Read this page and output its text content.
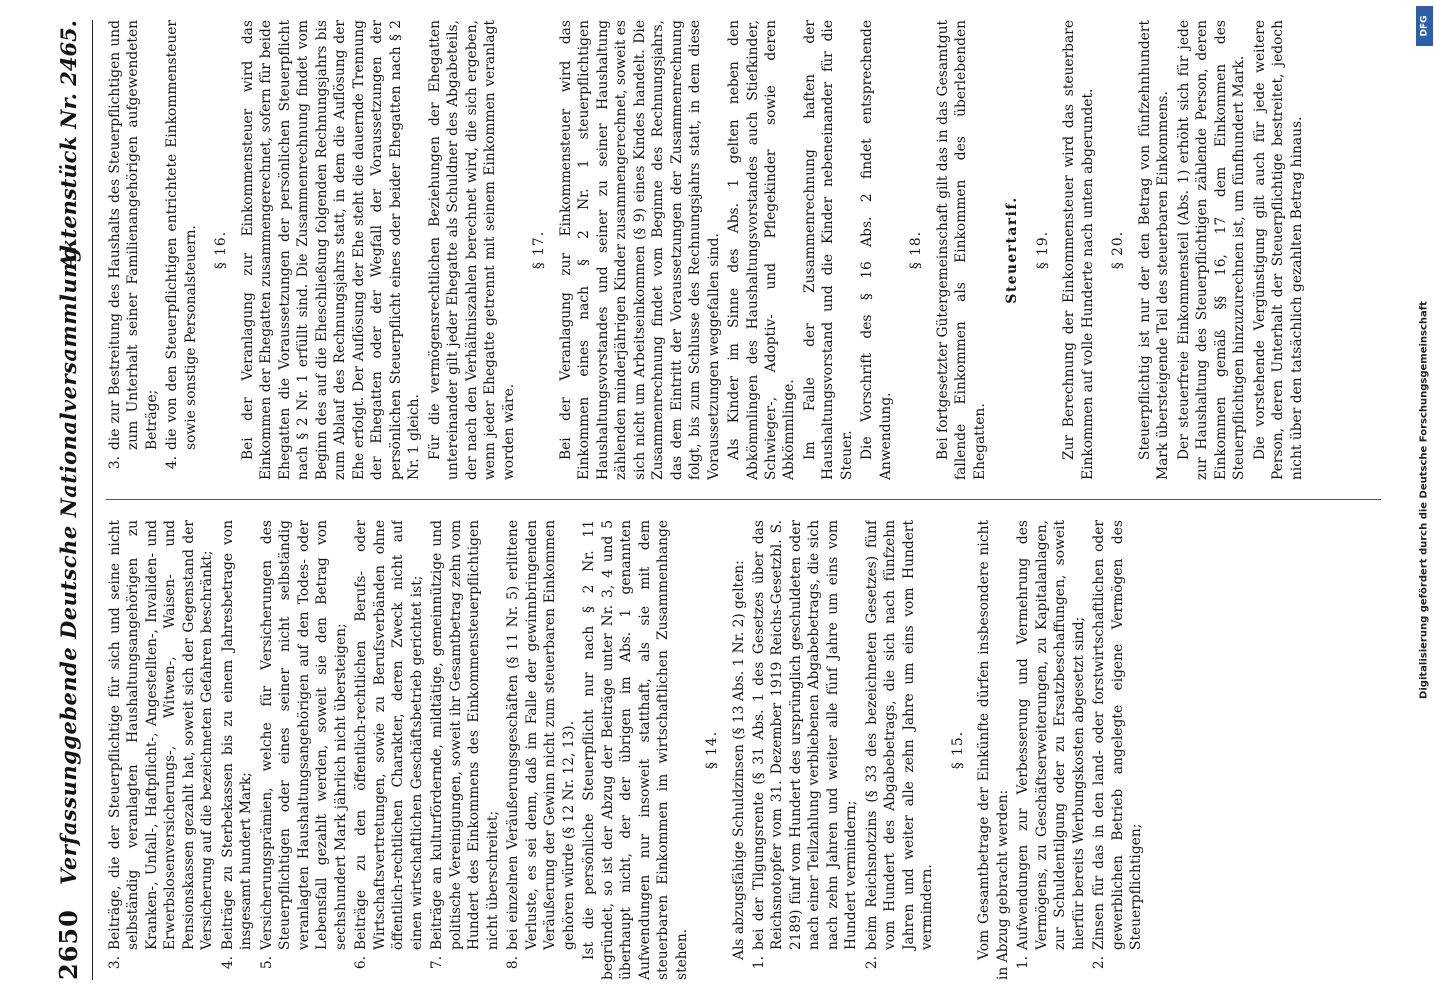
2650
Verfassunggebende Deutsche Nationalversammlung.
Aktenstück Nr. 2465.
3.
Beiträge, die der Steuerpflichtige für sich und seine nicht selbständig veranlagten Haushaltungsangehörigen zu Kranken-, Unfall-, Haftpflicht-, Angestellten-, Invaliden- und Erwerbslosenversicherungs-, Witwen-, Waisen- und Pensionskassen gezahlt hat, soweit sich der Gegenstand der Versicherung auf die bezeichneten Gefahren beschränkt;
4.
Beiträge zu Sterbekassen bis zu einem Jahresbetrage von insgesamt hundert Mark;
5.
Versicherungsprämien, welche für Versicherungen des Steuerpflichtigen oder eines seiner nicht selbständig veranlagten Haushaltungsangehörigen auf den Todes- oder Lebensfall gezahlt werden, soweit sie den Betrag von sechshundert Mark jährlich nicht übersteigen;
6.
Beiträge zu den öffentlich-rechtlichen Berufs- oder Wirtschaftsvertretungen, sowie zu Berufsverbänden ohne öffentlich-rechtlichen Charakter, deren Zweck nicht auf einen wirtschaftlichen Geschäftsbetrieb gerichtet ist;
7.
Beiträge an kulturfördernde, mildtätige, gemeinnützige und politische Vereinigungen, soweit ihr Gesamtbetrag zehn vom Hundert des Einkommens des Einkommensteuerpflichtigen nicht überschreitet;
8.
bei einzelnen Veräußerungsgeschäften (§ 11 Nr. 5) erlittene Verluste, es sei denn, daß im Falle der gewinnbringenden Veräußerung der Gewinn nicht zum steuerbaren Einkommen gehören würde (§ 12 Nr. 12, 13). Ist die persönliche Steuerpflicht nur nach § 2 Nr. 11 begründet, so ist der Abzug der Beiträge unter Nr. 3, 4 und 5 überhaupt nicht, der der übrigen im Abs. 1 genannten Aufwendungen nur insoweit statthaft, als sie mit dem steuerbaren Einkommen im wirtschaftlichen Zusammenhange stehen.

§ 14. Als abzugsfähige Schuldzinsen (§ 13 Abs. 1 Nr. 2) gelten:

1.
bei der Tilgungsrente (§ 31 Abs. 1 des Gesetzes über das Reichsnotopfer vom 31. Dezember 1919 Reichs-Gesetzbl. S. 2189) fünf vom Hundert des ursprünglich geschuldeten oder nach einer Teilzahlung verbliebenen Abgabebetrags, die sich nach zehn Jahren und weiter alle fünf Jahre um eins vom Hundert vermindern;
2.
beim Reichsnotzins (§ 33 des bezeichneten Gesetzes) fünf vom Hundert des Abgabebetrags, die sich nach fünfzehn Jahren und weiter alle zehn Jahre um eins vom Hundert vermindern.
§ 15. Vom Gesamtbetrage der Einkünfte dürfen insbesondere nicht in Abzug gebracht werden: 1.
Aufwendungen zur Verbesserung und Vermehrung des Vermögens, zu Geschäftserweiterungen, zu Kapitalanlagen, zur Schuldentilgung oder zu Ersatzbeschaffungen, soweit hierfür bereits Werbungskosten abgesetzt sind;
2.
Zinsen für das in den land- oder forstwirtschaftlichen oder gewerblichen Betrieb angelegte eigene Vermögen des Steuerpflichtigen;
3.
die zur Bestreitung des Haushalts des Steuerpflichtigen und zum Unterhalt seiner Familienangehörigen aufgewendeten Beträge;
4.
die von den Steuerpflichtigen entrichtete Einkommensteuer sowie sonstige Personalsteuern. § 16. Bei der Veranlagung zur Einkommensteuer wird das Einkommen der Ehegatten zusammengerechnet, sofern für beide Ehegatten die Voraussetzungen der persönlichen Steuerpflicht nach § 2 Nr. 1 erfüllt sind. Die Zusammenrechnung findet vom Beginn des auf die Eheschließung folgenden Rechnungsjahrs bis zum Ablauf des Rechnungsjahrs statt, in dem die Auflösung der Ehe erfolgt. Der Auflösung der Ehe steht die dauernde Trennung der Ehegatten oder der Wegfall der Voraussetzungen der persönlichen Steuerpflicht eines oder beider Ehegatten nach § 2 Nr. 1 gleich. Für die vermögensrechtlichen Beziehungen der Ehegatten untereinander gilt jeder Ehegatte als Schuldner des Abgabeteils, der nach den Verhältniszahlen berechnet wird, die sich ergeben, wenn jeder Ehegatte getrennt mit seinem Einkommen veranlagt worden wäre.

§ 17. Bei der Veranlagung zur Einkommensteuer wird das Einkommen eines nach § 2 Nr. 1 steuerpflichtigen Haushaltungsvorstandes und seiner zu seiner Haushaltung zählenden minderjährigen Kinder zusammengerechnet, soweit es sich nicht um Arbeitseinkommen (§ 9) eines Kindes handelt. Die Zusammenrechnung findet vom Beginne des Rechnungsjahrs, das dem Eintritt der Voraussetzungen der Zusammenrechnung folgt, bis zum Schlusse des Rechnungsjahrs statt, in dem diese Voraussetzungen weggefallen sind. Als Kinder im Sinne des Abs. 1 gelten neben den Abkömmlingen des Haushaltungsvorstandes auch Stiefkinder, Schwieger-, Adoptiv- und Pflegekinder sowie deren Abkömmlinge. Im Falle der Zusammenrechnung haften der Haushaltungsvorstand und die Kinder nebeneinander für die Steuer. Die Vorschrift des § 16 Abs. 2 findet entsprechende Anwendung.

§ 18. Bei fortgesetzter Gütergemeinschaft gilt das in das Gesamtgut fallende Einkommen als Einkommen des überlebenden Ehegatten.

Steuertarif. § 19. Zur Berechnung der Einkommensteuer wird das steuerbare Einkommen auf volle Hunderte nach unten abgerundet. § 20. Steuerpflichtig ist nur der den Betrag von fünfzehnhundert Mark übersteigende Teil des steuerbaren Einkommens. Der steuerfreie Einkommensteil (Abs. 1) erhöht sich für jede zur Haushaltung des Steuerpflichtigen zählende Person, deren Einkommen gemäß §§ 16, 17 dem Einkommen des Steuerpflichtigen hinzuzurechnen ist, um fünfhundert Mark. Die vorstehende Vergünstigung gilt auch für jede weitere Person, deren Unterhalt der Steuerpflichtige bestreitet, jedoch nicht über den tatsächlich gezahlten Betrag hinaus.

DFG
Digitalisierung gefördert durch die Deutsche Forschungsgemeinschaft
